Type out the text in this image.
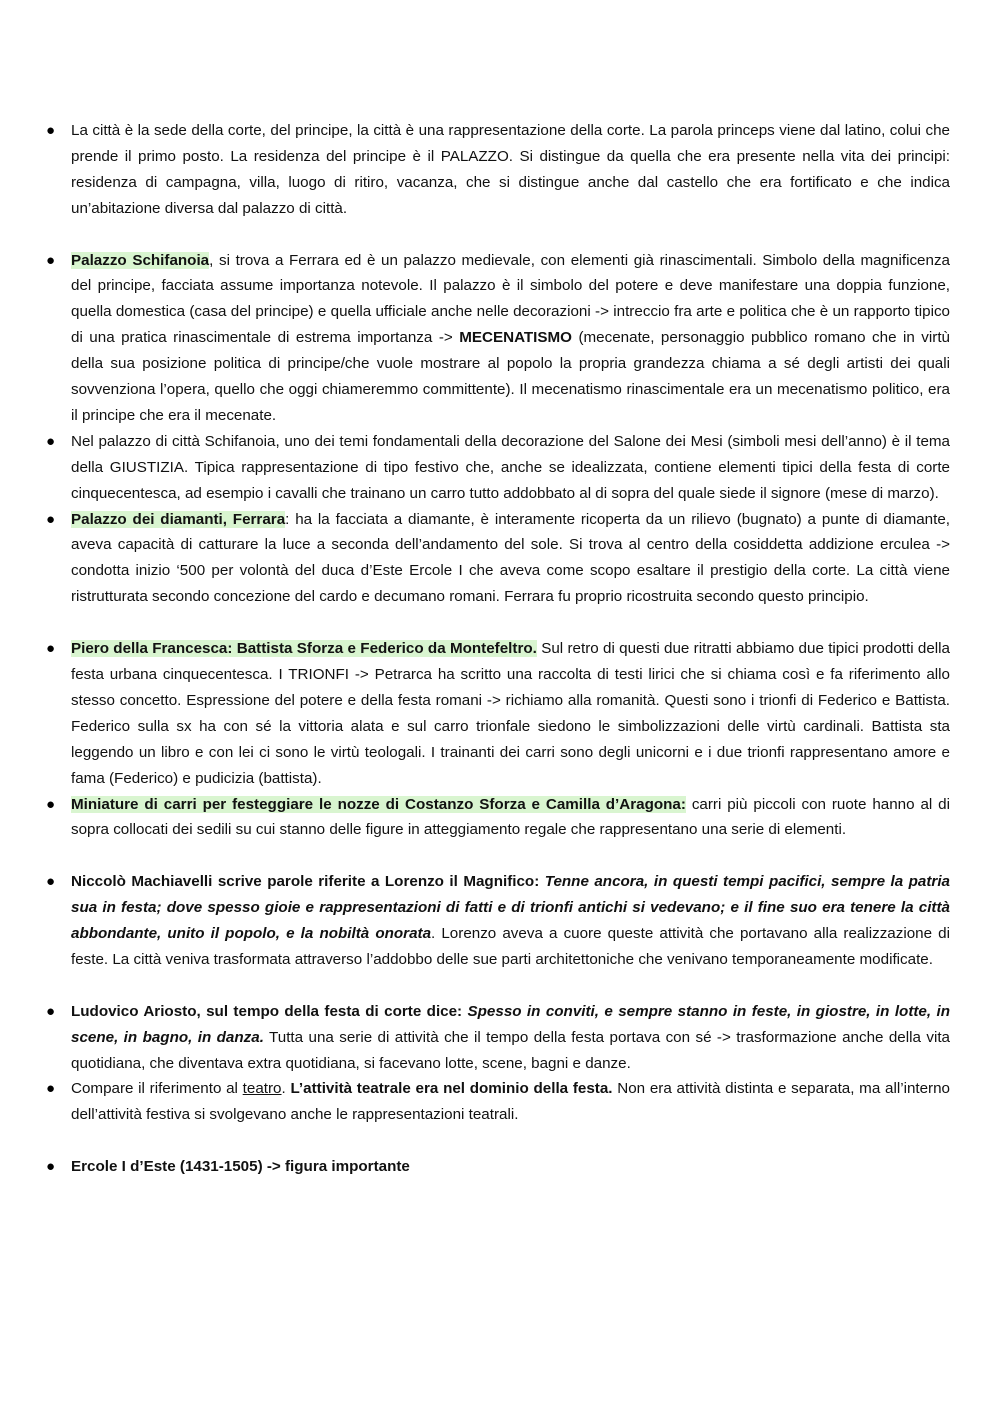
● La città è la sede della corte, del principe, la città è una rappresentazione della corte. La parola princeps viene dal latino, colui che prende il primo posto. La residenza del principe è il PALAZZO. Si distingue da quella che era presente nella vita dei principi: residenza di campagna, villa, luogo di ritiro, vacanza, che si distingue anche dal castello che era fortificato e che indica un’abitazione diversa dal palazzo di città.
● Palazzo Schifanoia, si trova a Ferrara ed è un palazzo medievale, con elementi già rinascimentali. Simbolo della magnificenza del principe, facciata assume importanza notevole. Il palazzo è il simbolo del potere e deve manifestare una doppia funzione, quella domestica (casa del principe) e quella ufficiale anche nelle decorazioni -> intreccio fra arte e politica che è un rapporto tipico di una pratica rinascimentale di estrema importanza -> MECENATISMO (mecenate, personaggio pubblico romano che in virtù della sua posizione politica di principe/che vuole mostrare al popolo la propria grandezza chiama a sé degli artisti dei quali sovvenziona l’opera, quello che oggi chiameremmo committente). Il mecenatismo rinascimentale era un mecenatismo politico, era il principe che era il mecenate.
● Nel palazzo di città Schifanoia, uno dei temi fondamentali della decorazione del Salone dei Mesi (simboli mesi dell’anno) è il tema della GIUSTIZIA. Tipica rappresentazione di tipo festivo che, anche se idealizzata, contiene elementi tipici della festa di corte cinquecentesca, ad esempio i cavalli che trainano un carro tutto addobbato al di sopra del quale siede il signore (mese di marzo).
● Palazzo dei diamanti, Ferrara: ha la facciata a diamante, è interamente ricoperta da un rilievo (bugnato) a punte di diamante, aveva capacità di catturare la luce a seconda dell’andamento del sole. Si trova al centro della cosiddetta addizione erculea -> condotta inizio ‘500 per volontà del duca d’Este Ercole I che aveva come scopo esaltare il prestigio della corte. La città viene ristrutturata secondo concezione del cardo e decumano romani. Ferrara fu proprio ricostruita secondo questo principio.
● Piero della Francesca: Battista Sforza e Federico da Montefeltro. Sul retro di questi due ritratti abbiamo due tipici prodotti della festa urbana cinquecentesca. I TRIONFI -> Petrarca ha scritto una raccolta di testi lirici che si chiama così e fa riferimento allo stesso concetto. Espressione del potere e della festa romani -> richiamo alla romanità. Questi sono i trionfi di Federico e Battista. Federico sulla sx ha con sé la vittoria alata e sul carro trionfale siedono le simbolizzazioni delle virtù cardinali. Battista sta leggendo un libro e con lei ci sono le virtù teologali. I trainanti dei carri sono degli unicorni e i due trionfi rappresentano amore e fama (Federico) e pudicizia (battista).
● Miniature di carri per festeggiare le nozze di Costanzo Sforza e Camilla d’Aragona: carri più piccoli con ruote hanno al di sopra collocati dei sedili su cui stanno delle figure in atteggiamento regale che rappresentano una serie di elementi.
● Niccolò Machiavelli scrive parole riferite a Lorenzo il Magnifico: Tenne ancora, in questi tempi pacifici, sempre la patria sua in festa; dove spesso gioie e rappresentazioni di fatti e di trionfi antichi si vedevano; e il fine suo era tenere la città abbondante, unito il popolo, e la nobiltà onorata. Lorenzo aveva a cuore queste attività che portavano alla realizzazione di feste. La città veniva trasformata attraverso l’addobbo delle sue parti architettoniche che venivano temporaneamente modificate.
● Ludovico Ariosto, sul tempo della festa di corte dice: Spesso in conviti, e sempre stanno in feste, in giostre, in lotte, in scene, in bagno, in danza. Tutta una serie di attività che il tempo della festa portava con sé -> trasformazione anche della vita quotidiana, che diventava extra quotidiana, si facevano lotte, scene, bagni e danze.
● Compare il riferimento al teatro. L’attività teatrale era nel dominio della festa. Non era attività distinta e separata, ma all’interno dell’attività festiva si svolgevano anche le rappresentazioni teatrali.
● Ercole I d’Este (1431-1505) -> figura importante
